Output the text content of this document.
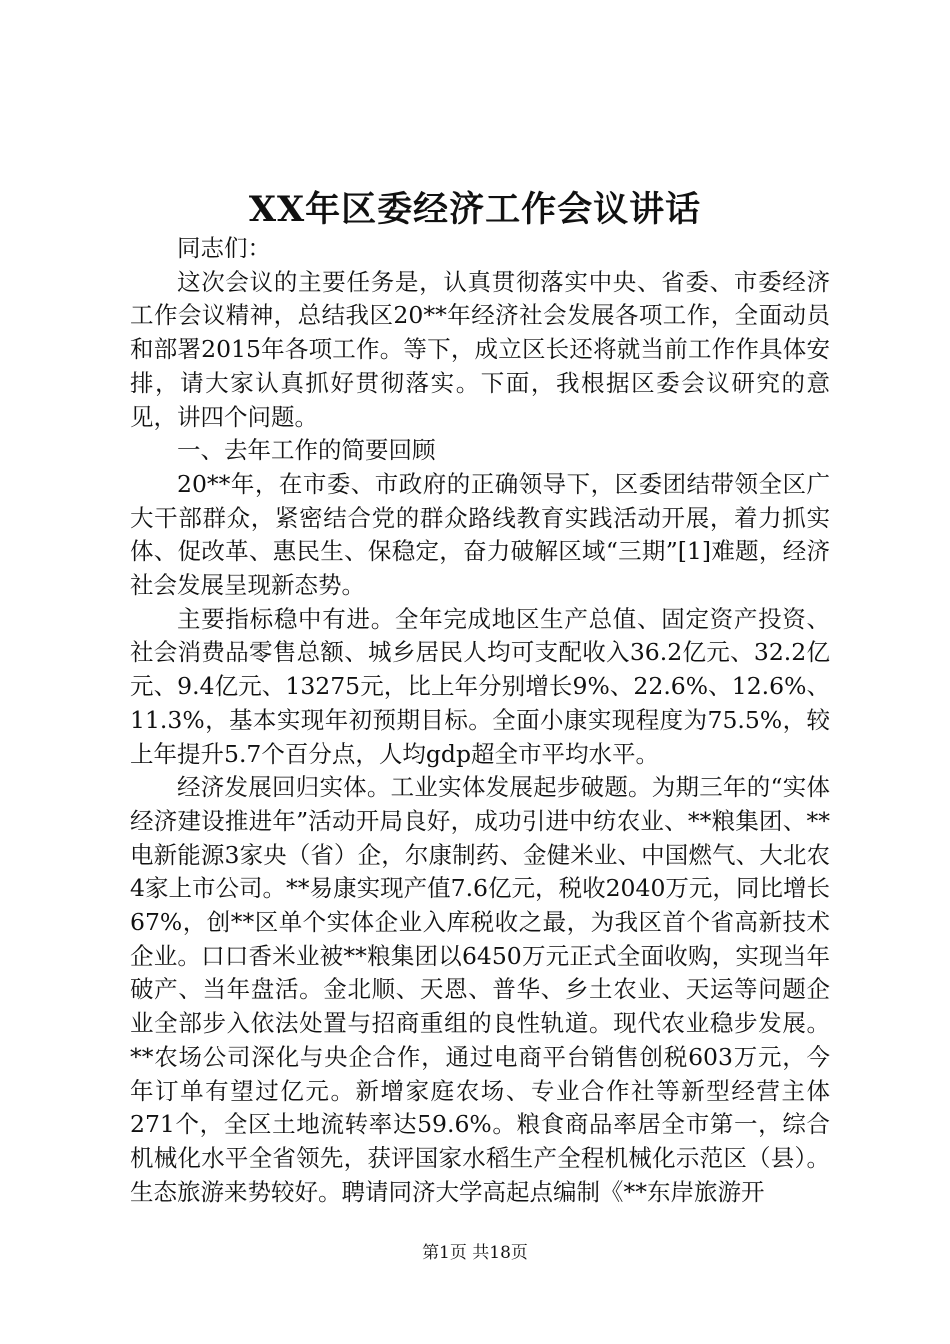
XX年区委经济工作会议讲话

同志们：

这次会议的主要任务是，认真贯彻落实中央、省委、市委经济工作会议精神，总结我区20**年经济社会发展各项工作，全面动员和部署2015年各项工作。等下，成立区长还将就当前工作作具体安排，请大家认真抓好贯彻落实。下面，我根据区委会议研究的意见，讲四个问题。

一、去年工作的简要回顾

20**年，在市委、市政府的正确领导下，区委团结带领全区广大干部群众，紧密结合党的群众路线教育实践活动开展，着力抓实体、促改革、惠民生、保稳定，奋力破解区域“三期”[1]难题，经济社会发展呈现新态势。

主要指标稳中有进。全年完成地区生产总值、固定资产投资、社会消费品零售总额、城乡居民人均可支配收入36.2亿元、32.2亿元、9.4亿元、13275元，比上年分别增长9%、22.6%、12.6%、11.3%，基本实现年初预期目标。全面小康实现程度为75.5%，较上年提升5.7个百分点，人均gdp超全市平均水平。

经济发展回归实体。工业实体发展起步破题。为期三年的“实体经济建设推进年”活动开局良好，成功引进中纺农业、**粮集团、**电新能源3家央（省）企，尔康制药、金健米业、中国燃气、大北农4家上市公司。**易康实现产值7.6亿元，税收2040万元，同比增长67%，创**区单个实体企业入库税收之最，为我区首个省高新技术企业。口口香米业被**粮集团以6450万元正式全面收购，实现当年破产、当年盘活。金北顺、天恩、普华、乡土农业、天运等问题企业全部步入依法处置与招商重组的良性轨道。现代农业稳步发展。**农场公司深化与央企合作，通过电商平台销售创税603万元，今年订单有望过亿元。新增家庭农场、专业合作社等新型经营主体271个，全区土地流转率达59.6%。粮食商品率居全市第一，综合机械化水平全省领先，获评国家水稻生产全程机械化示范区（县）。生态旅游来势较好。聘请同济大学高起点编制《**东岸旅游开

第1页 共18页
